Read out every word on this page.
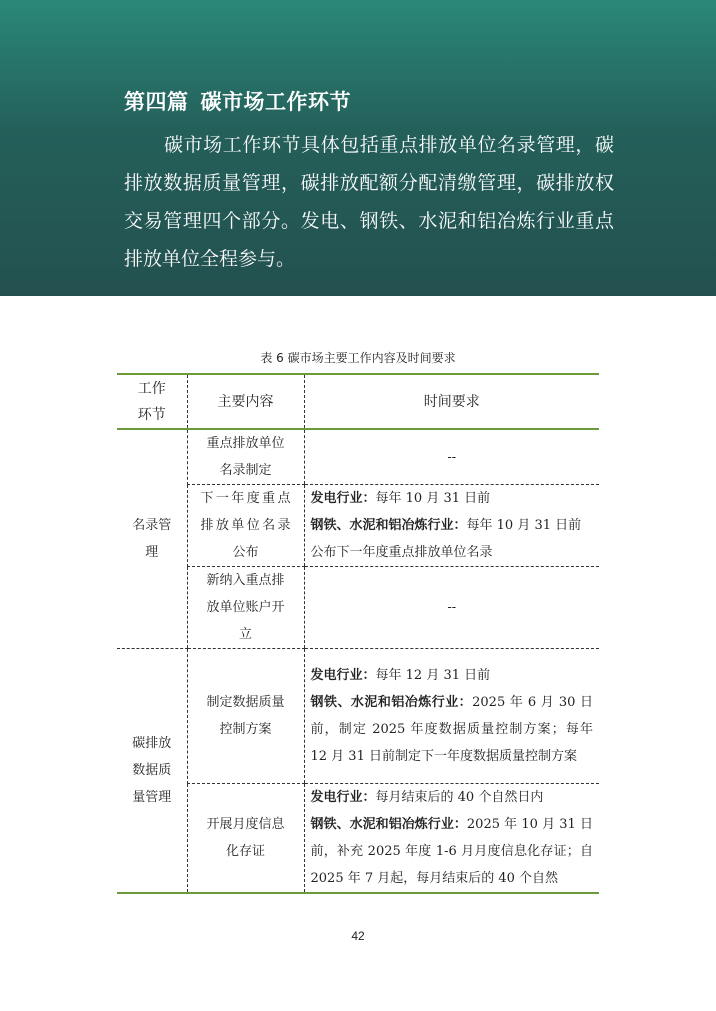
第四篇 碳市场工作环节

碳市场工作环节具体包括重点排放单位名录管理，碳排放数据质量管理，碳排放配额分配清缴管理，碳排放权交易管理四个部分。发电、钢铁、水泥和铝冶炼行业重点排放单位全程参与。

表 6 碳市场主要工作内容及时间要求
工作环节	主要内容	时间要求

名录管理	重点排放单位名录制定	--

	下一年度重点排放单位名录公布	发电行业：每年 10 月 31 日前
钢铁、水泥和铝冶炼行业：每年 10 月 31 日前公布下一年度重点排放单位名录

	新纳入重点排放单位账户开立	--

碳排放数据质量管理	制定数据质量控制方案	发电行业：每年 12 月 31 日前
钢铁、水泥和铝冶炼行业：2025 年 6 月 30 日前，制定 2025 年度数据质量控制方案；每年 12 月 31 日前制定下一年度数据质量控制方案

	开展月度信息化存证	发电行业：每月结束后的 40 个自然日内
钢铁、水泥和铝冶炼行业：2025 年 10 月 31 日前，补充 2025 年度 1-6 月月度信息化存证；自 2025 年 7 月起，每月结束后的 40 个自然
42
